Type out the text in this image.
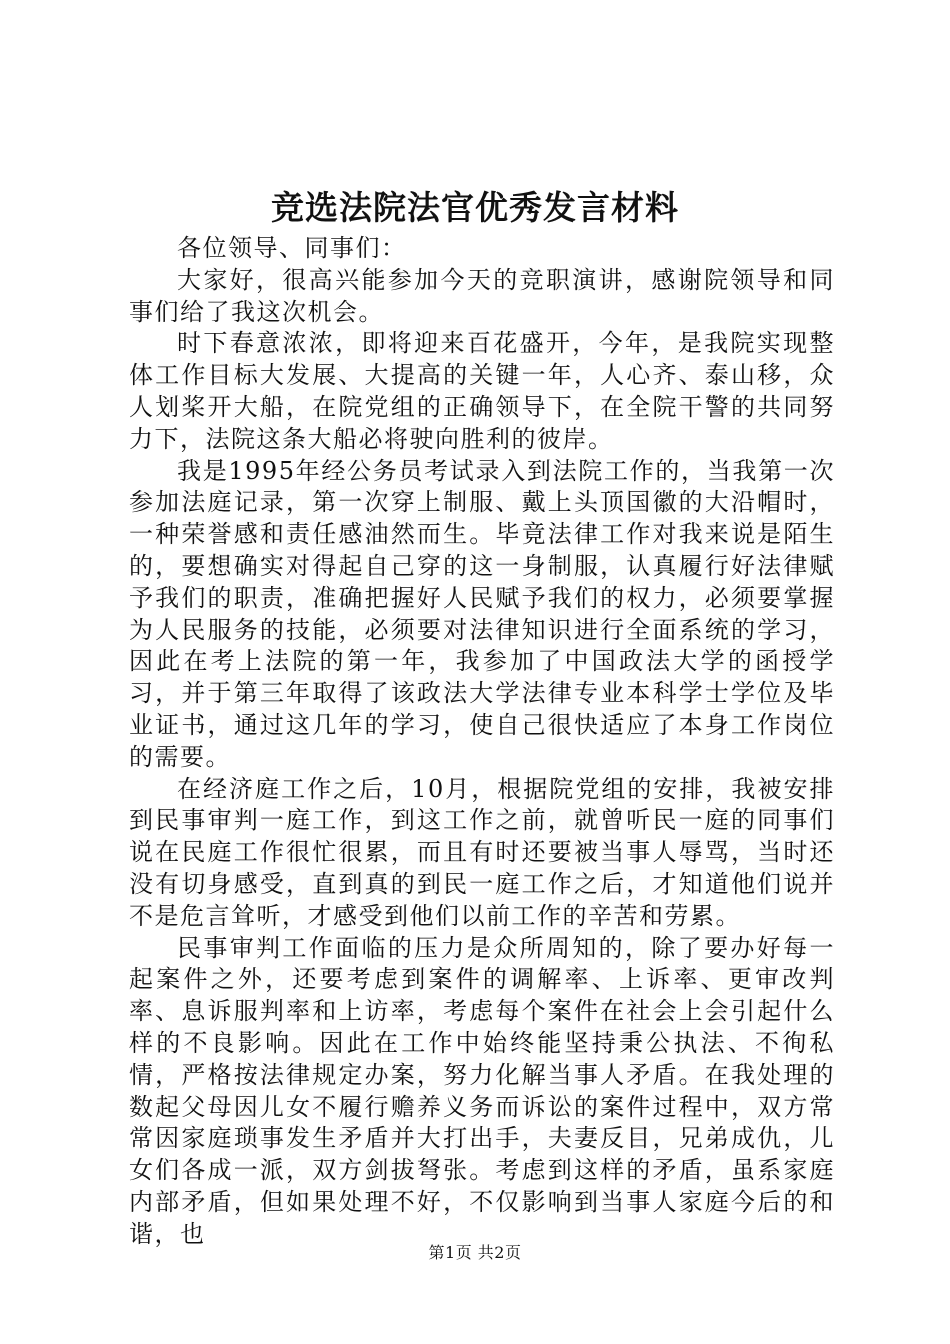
竞选法院法官优秀发言材料

各位领导、同事们：

大家好，很高兴能参加今天的竞职演讲，感谢院领导和同事们给了我这次机会。

时下春意浓浓，即将迎来百花盛开，今年，是我院实现整体工作目标大发展、大提高的关键一年，人心齐、泰山移，众人划桨开大船，在院党组的正确领导下，在全院干警的共同努力下，法院这条大船必将驶向胜利的彼岸。

我是1995年经公务员考试录入到法院工作的，当我第一次参加法庭记录，第一次穿上制服、戴上头顶国徽的大沿帽时，一种荣誉感和责任感油然而生。毕竟法律工作对我来说是陌生的，要想确实对得起自己穿的这一身制服，认真履行好法律赋予我们的职责，准确把握好人民赋予我们的权力，必须要掌握为人民服务的技能，必须要对法律知识进行全面系统的学习，因此在考上法院的第一年，我参加了中国政法大学的函授学习，并于第三年取得了该政法大学法律专业本科学士学位及毕业证书，通过这几年的学习，使自己很快适应了本身工作岗位的需要。

在经济庭工作之后，10月，根据院党组的安排，我被安排到民事审判一庭工作，到这工作之前，就曾听民一庭的同事们说在民庭工作很忙很累，而且有时还要被当事人辱骂，当时还没有切身感受，直到真的到民一庭工作之后，才知道他们说并不是危言耸听，才感受到他们以前工作的辛苦和劳累。

民事审判工作面临的压力是众所周知的，除了要办好每一起案件之外，还要考虑到案件的调解率、上诉率、更审改判率、息诉服判率和上访率，考虑每个案件在社会上会引起什么样的不良影响。因此在工作中始终能坚持秉公执法、不徇私情，严格按法律规定办案，努力化解当事人矛盾。在我处理的数起父母因儿女不履行赡养义务而诉讼的案件过程中，双方常常因家庭琐事发生矛盾并大打出手，夫妻反目，兄弟成仇，儿女们各成一派，双方剑拔弩张。考虑到这样的矛盾，虽系家庭内部矛盾，但如果处理不好，不仅影响到当事人家庭今后的和谐，也

第1页 共2页
